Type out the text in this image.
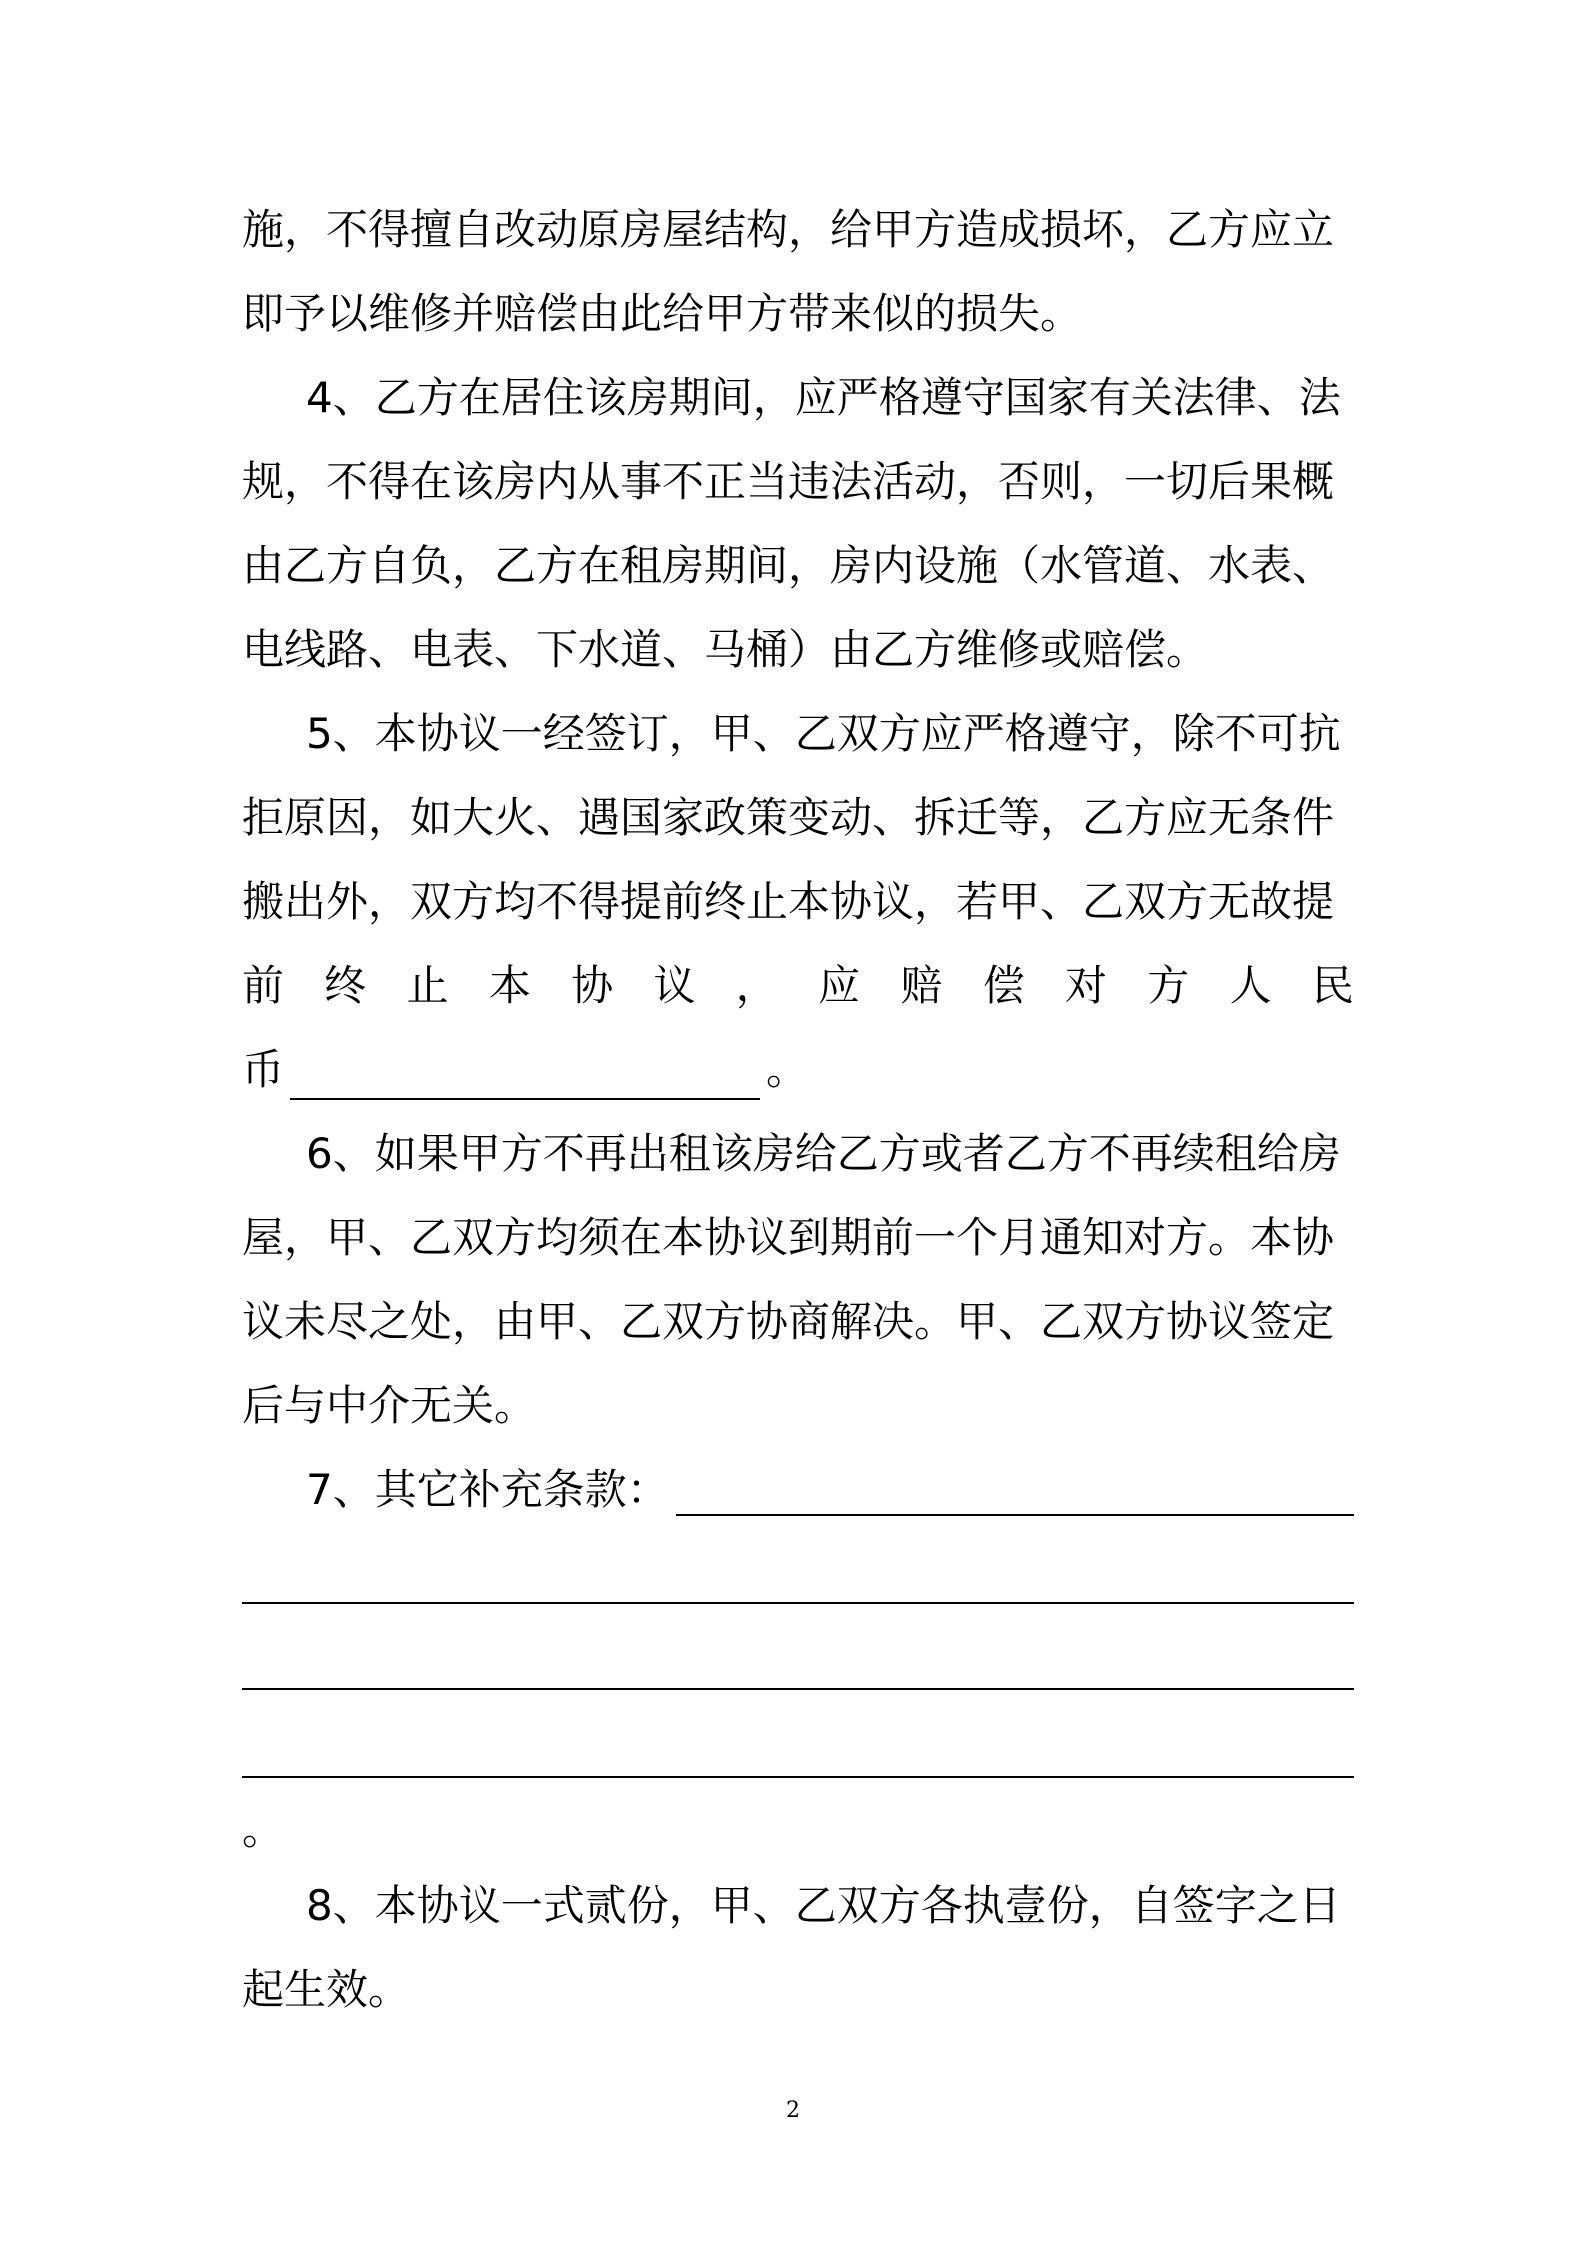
施，不得擅自改动原房屋结构，给甲方造成损坏，乙方应立
即予以维修并赔偿由此给甲方带来似的损失。
4、乙方在居住该房期间，应严格遵守国家有关法律、法
规，不得在该房内从事不正当违法活动，否则，一切后果概
由乙方自负，乙方在租房期间，房内设施（水管道、水表、
电线路、电表、下水道、马桶）由乙方维修或赔偿。
5、本协议一经签订，甲、乙双方应严格遵守，除不可抗
拒原因，如大火、遇国家政策变动、拆迁等，乙方应无条件
搬出外，双方均不得提前终止本协议，若甲、乙双方无故提
前 终 止 本 协 议 ， 应 赔 偿 对 方 人 民
币	。
6、如果甲方不再出租该房给乙方或者乙方不再续租给房
屋，甲、乙双方均须在本协议到期前一个月通知对方。本协
议未尽之处，由甲、乙双方协商解决。甲、乙双方协议签定
后与中介无关。
7、其它补充条款：
。
8、本协议一式贰份，甲、乙双方各执壹份，自签字之日
起生效。
2
